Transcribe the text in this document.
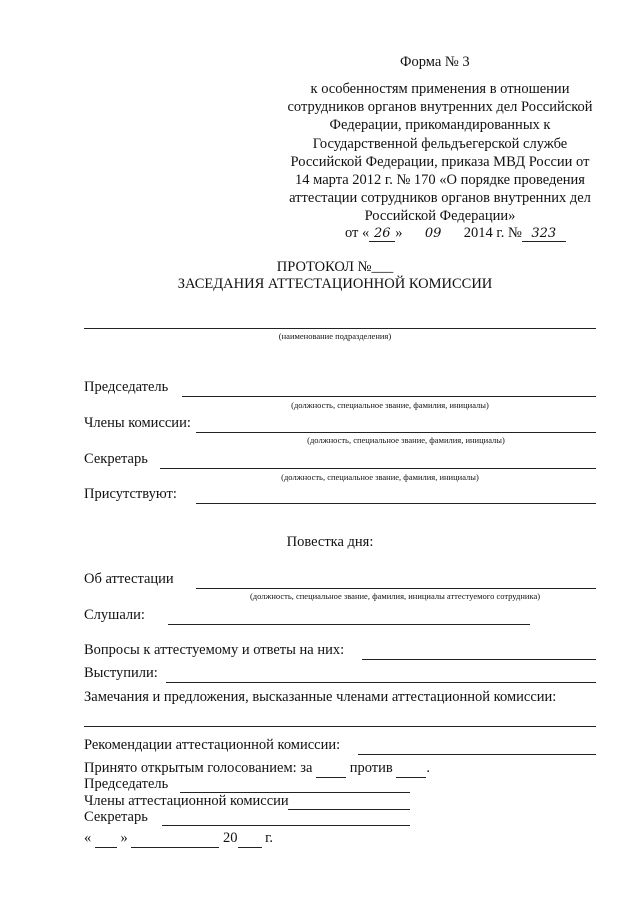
Форма № 3
к особенностям применения в отношении
сотрудников органов внутренних дел Российской
Федерации, прикомандированных к
Государственной фельдъегерской службе
Российской Федерации, приказа МВД России от
14 марта 2012 г. № 170 «О порядке проведения
аттестации сотрудников органов внутренних дел
Российской Федерации»
от « 26 » 09 2014 г. № 323
ПРОТОКОЛ №___
ЗАСЕДАНИЯ АТТЕСТАЦИОННОЙ КОМИССИИ
(наименование подразделения)
Председатель
(должность, специальное звание, фамилия, инициалы)
Члены комиссии:
(должность, специальное звание, фамилия, инициалы)
Секретарь
(должность, специальное звание, фамилия, инициалы)
Присутствуют:
Повестка дня:
Об аттестации
(должность, специальное звание, фамилия, инициалы аттестуемого сотрудника)
Слушали:
Вопросы к аттестуемому и ответы на них:
Выступили:
Замечания и предложения, высказанные членами аттестационной комиссии:
Рекомендации аттестационной комиссии:
Принято открытым голосованием: за	против .
Председатель
Члены аттестационной комиссии
Секретарь
« »	20 г.
